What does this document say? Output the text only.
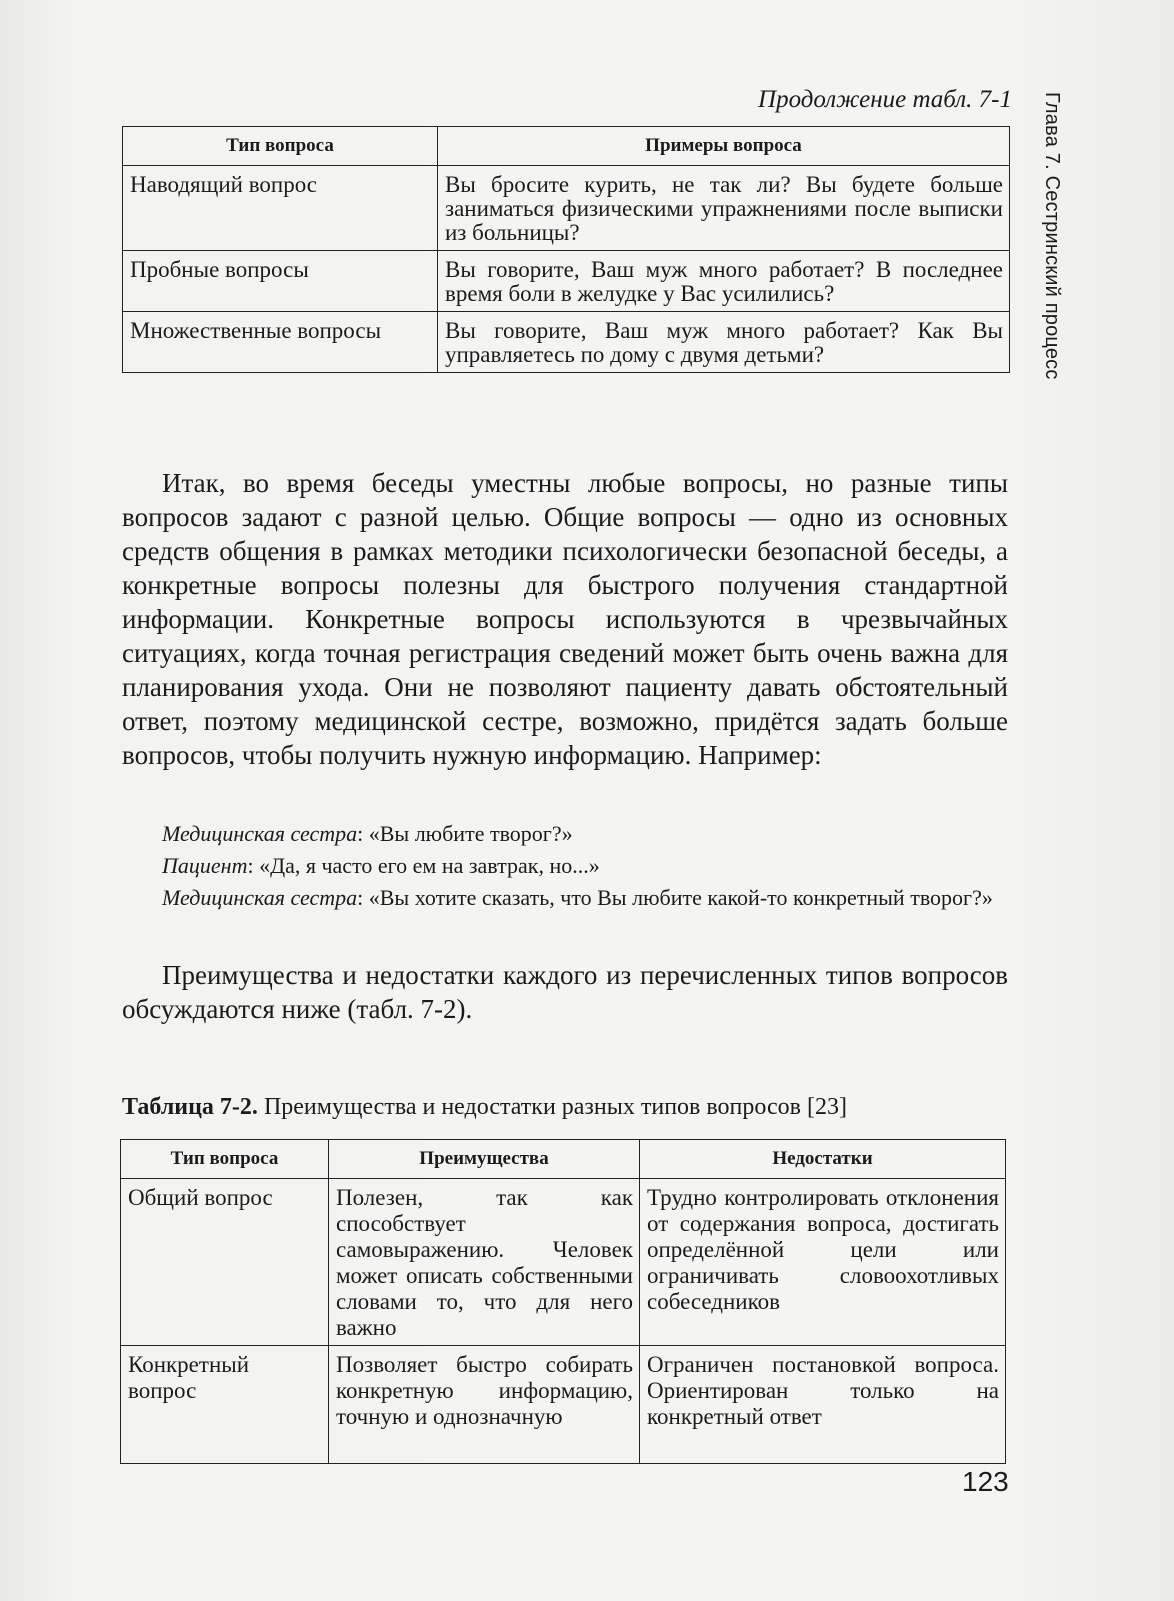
Продолжение табл. 7-1 Глава 7. Сестринский процесс
Тип вопроса	Примеры вопроса
Наводящий вопрос	Вы бросите курить, не так ли? Вы будете больше заниматься физическими упражнениями после выписки из больницы?
Пробные вопросы	Вы говорите, Ваш муж много работает? В последнее время боли в желудке у Вас усилились?
Множественные вопросы	Вы говорите, Ваш муж много работает? Как Вы управляетесь по дому с двумя детьми?
Итак, во время беседы уместны любые вопросы, но разные типы вопросов задают с разной целью. Общие вопросы — одно из основных средств общения в рамках методики психологически безопасной беседы, а конкретные вопросы полезны для быстрого получения стандартной информации. Конкретные вопросы используются в чрезвычайных ситуациях, когда точная регистрация сведений может быть очень важна для планирования ухода. Они не позволяют пациенту давать обстоятельный ответ, поэтому медицинской сестре, возможно, придётся задать больше вопросов, чтобы получить нужную информацию. Например:

Медицинская сестра: «Вы любите творог?»

Пациент: «Да, я часто его ем на завтрак, но...»

Медицинская сестра: «Вы хотите сказать, что Вы любите какой-то конкретный творог?»

Преимущества и недостатки каждого из перечисленных типов вопросов обсуждаются ниже (табл. 7-2).
Таблица 7-2. Преимущества и недостатки разных типов вопросов [23]
Тип вопроса	Преимущества	Недостатки
Общий вопрос	Полезен, так как способствует самовыражению. Человек может описать собственными словами то, что для него важно	Трудно контролировать отклонения от содержания вопроса, достигать определённой цели или ограничивать словоохотливых собеседников
Конкретный вопрос	Позволяет быстро собирать конкретную информацию, точную и однозначную	Ограничен постановкой вопроса. Ориентирован только на конкретный ответ
123
